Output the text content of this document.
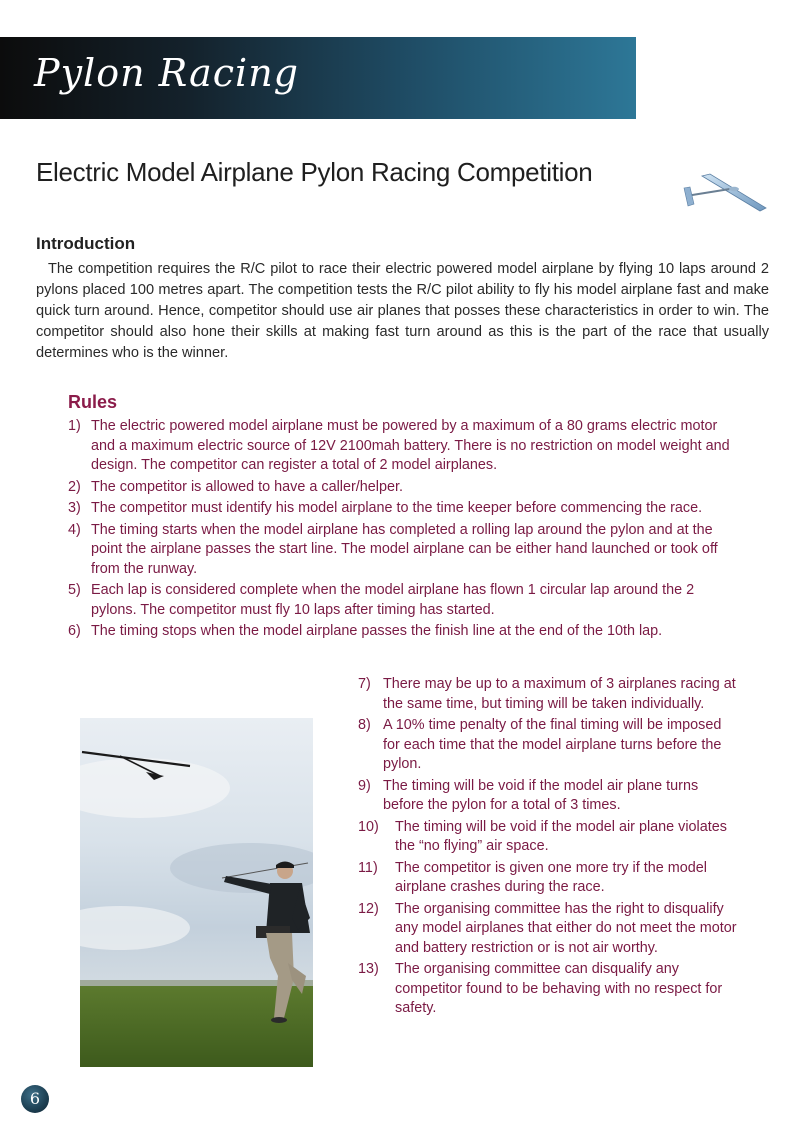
Pylon Racing
Electric Model Airplane Pylon Racing Competition
Introduction

The competition requires the R/C pilot to race their electric powered model airplane by flying 10 laps around 2 pylons placed 100 metres apart. The competition tests the R/C pilot ability to fly his model airplane fast and make quick turn around. Hence, competitor should use air planes that posses these characteristics in order to win. The competitor should also hone their skills at making fast turn around as this is the part of the race that usually determines who is the winner.

Rules
1) The electric powered model airplane must be powered by a maximum of a 80 grams electric motor and a maximum electric source of 12V 2100mah battery. There is no restriction on model weight and design. The competitor can register a total of 2 model airplanes.
2) The competitor is allowed to have a caller/helper.
3) The competitor must identify his model airplane to the time keeper before commencing the race.
4) The timing starts when the model airplane has completed a rolling lap around the pylon and at the point the airplane passes the start line. The model airplane can be either hand launched or took off from the runway.
5) Each lap is considered complete when the model airplane has flown 1 circular lap around the 2 pylons. The competitor must fly 10 laps after timing has started.
6) The timing stops when the model airplane passes the finish line at the end of the 10th lap.
7) There may be up to a maximum of 3 airplanes racing at the same time, but timing will be taken individually.
8) A 10% time penalty of the final timing will be imposed for each time that the model airplane turns before the pylon.
9) The timing will be void if the model air plane turns before the pylon for a total of 3 times.
10) The timing will be void if the model air plane violates the “no flying” air space.
11) The competitor is given one more try if the model airplane crashes during the race.
12) The organising committee has the right to disqualify any model airplanes that either do not meet the motor and battery restriction or is not air worthy.
13) The organising committee can disqualify any competitor found to be behaving with no respect for safety.
6
